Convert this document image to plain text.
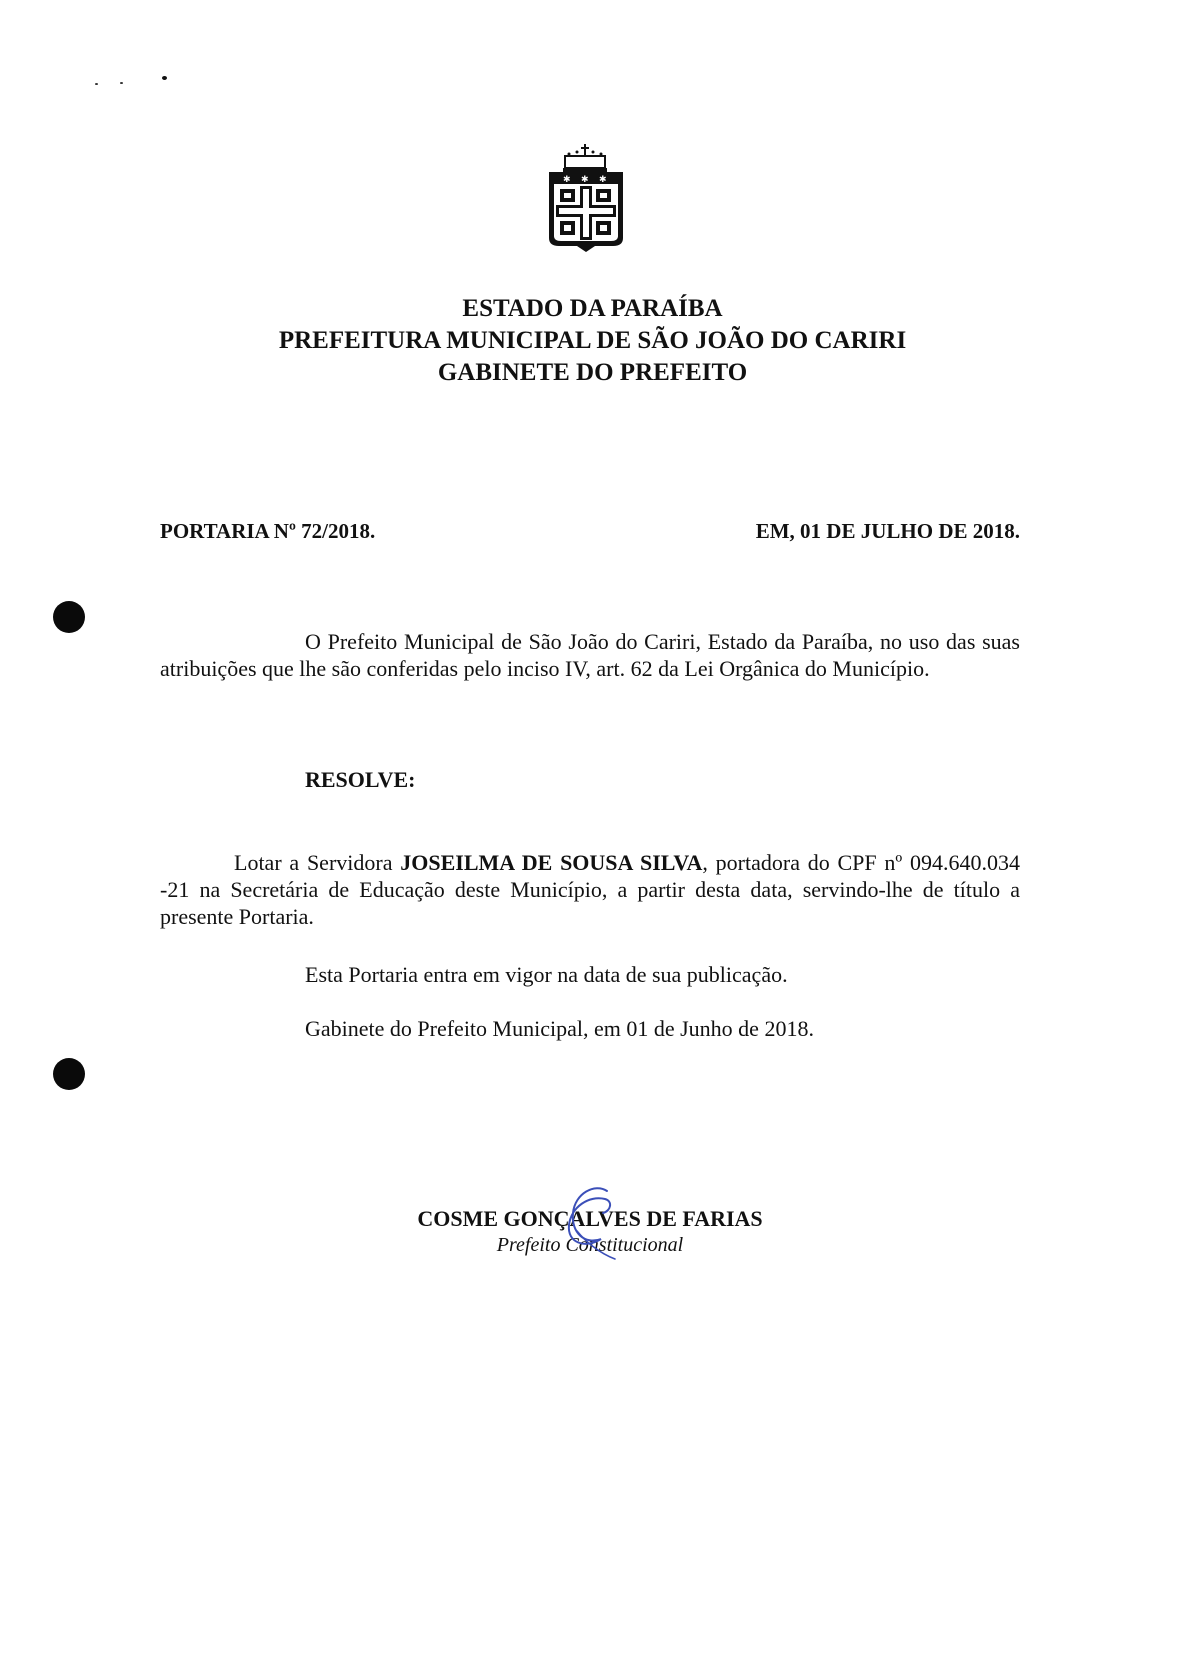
✱ ✱ ✱
ESTADO DA PARAÍBA
PREFEITURA MUNICIPAL DE SÃO JOÃO DO CARIRI
GABINETE DO PREFEITO
PORTARIA Nº 72/2018.	EM, 01 DE JULHO DE 2018.

O Prefeito Municipal de São João do Cariri, Estado da Paraíba, no uso das suas atribuições que lhe são conferidas pelo inciso IV, art. 62 da Lei Orgânica do Município.

RESOLVE:

Lotar a Servidora JOSEILMA DE SOUSA SILVA, portadora do CPF nº 094.640.034 -21 na Secretária de Educação deste Município, a partir desta data, servindo-lhe de título a presente Portaria.

Esta Portaria entra em vigor na data de sua publicação.
Gabinete do Prefeito Municipal, em 01 de Junho de 2018.
COSME GONÇALVES DE FARIAS
Prefeito Constitucional
